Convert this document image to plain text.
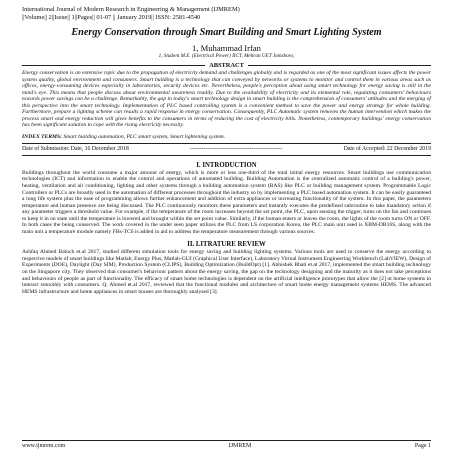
International Journal of Modern Research in Engineering & Management (IJMREM)
||Volume|| 2||Issue|| 1||Pages|| 01-07 || January 2019|| ISSN: 2581-4540
Energy Conservation through Smart Building and Smart Lighting System
1, Muhammad Irfan
1, Student M.E. (Electrical Power) IICT, Mehran UET Jamshoro,
ABSTRACT
Energy conservation is an extensive topic due to the propagation of electricity demand and challenges globally and is regarded as one of the most significant issues affects the power system quality, global environment and consumers. Smart building is a technology that can conveyed by networks or systems to monitor and control them in various areas such as offices, energy-consuming devices especially in laboratories, security devices etc. Nevertheless, people's perception about using smart technology for energy saving is still in the mind's eye. This means that people discuss about environmental awareness readily. Due to the availability of electricity and its elemental role, regulating consumers' behaviours towards power savings can be a challenge. Remarkably, the gap in today's smart technology design in smart building is the comprehension of consumers' attitudes and the merging of this perspective into the smart technology. Implementation of PLC based controlling system is a convenient method to save the power and energy strategy for whole building. Furthermore, prepare a lighting scheme can results a rapid response in energy conservation. Consequently, PLC Automatic system removes the human intervention which makes the process smart and energy reduction will gives benefits to the consumers in terms of reducing the cost of electricity bills. Nonetheless, contemporary buildings' energy conservation has been significant solution to cope with the rising electricity necessity.
INDEX TERMS: Smart building automation, PLC smart system, Smart lightening system.
Date of Submission: Date, 16 December 2018	------------------------------------------------	Date of Accepted: 22 December 2019
I. INTRODUCTION
Buildings throughout the world consume a major amount of energy, which is more or less one-third of the total initial energy resources. Smart buildings use communication technologies (ICT) and information to enable the control and operations of automated building. Building Automation is the centralized automatic control of a building's power, heating, ventilation and air conditioning, lighting and other systems through a building automation system (BAS) like PLC or building management system. Programmable Logic Controllers or PLCs are broadly used in the automation of different processes throughout the industry so by implementing a PLC based automation system. It can be easily guaranteed a long life system plus the ease of programming allows further enhancement and addition of extra appliances or increasing functionality of the system. In this paper, the parameters temperature and human presence are being discussed. The PLC continuously monitors these parameters and instantly executes the predefined subroutine to take mandatory action if any parameter triggers a threshold value. For example, if the temperature of the room increases beyond the set point, the PLC, upon sensing the trigger, turns on the fan and continues to keep it in on state until the temperature is lowered and brought within the set point value. Similarly, if the human enters or leaves the room, the lights of the room turns ON or OFF. In both cases the being conserved. The work covered in the under seen paper utilizes the PLC from LS corporation Korea, the PLC main unit used is XBM-DR16S, along with the main unit a temperature module namely FBs-TC6 is added in aid to address the temperature measurement through various sources.
II. LITRATURE REVIEW
Ashfaq Ahmed Baloch et.al 2017, studied different simulation tools for energy saving and building lighting systems. Various tools are used to conserve the energy according to respective models of smart buildings like Matlab, Energy Plus, Matlab-GUI (Graphical User Interface), Laboratory Virtual Instrument Engineering Workbench (LabVIEW), Design of Experiments (DOE), Daylight (Day SIM), Production System (CLIPS), Building Optimization (BuildOpt) [1]. Abhishek Bhati et.al 2017, implemented the smart building technology on the Singapore city. They observed that consumer's behaviour pattern about the energy saving, the gap on the technology designing and the maturity as it does not take perceptions and behaviours of people as part of functionality. The efficacy of smart home technologies is dependent on the artificial intelligence prototypes that allow the [2] ut home systems to interact smoothly with consumers. Q. Ahmed et.al 2017, reviewed that the functional modules and architecture of smart home energy management systems HEMS. The advanced HEMS infrastructure and home appliances in smart houses are thoroughly analysed [3].
www.ijmrem.com	IJMREM	Page 1
